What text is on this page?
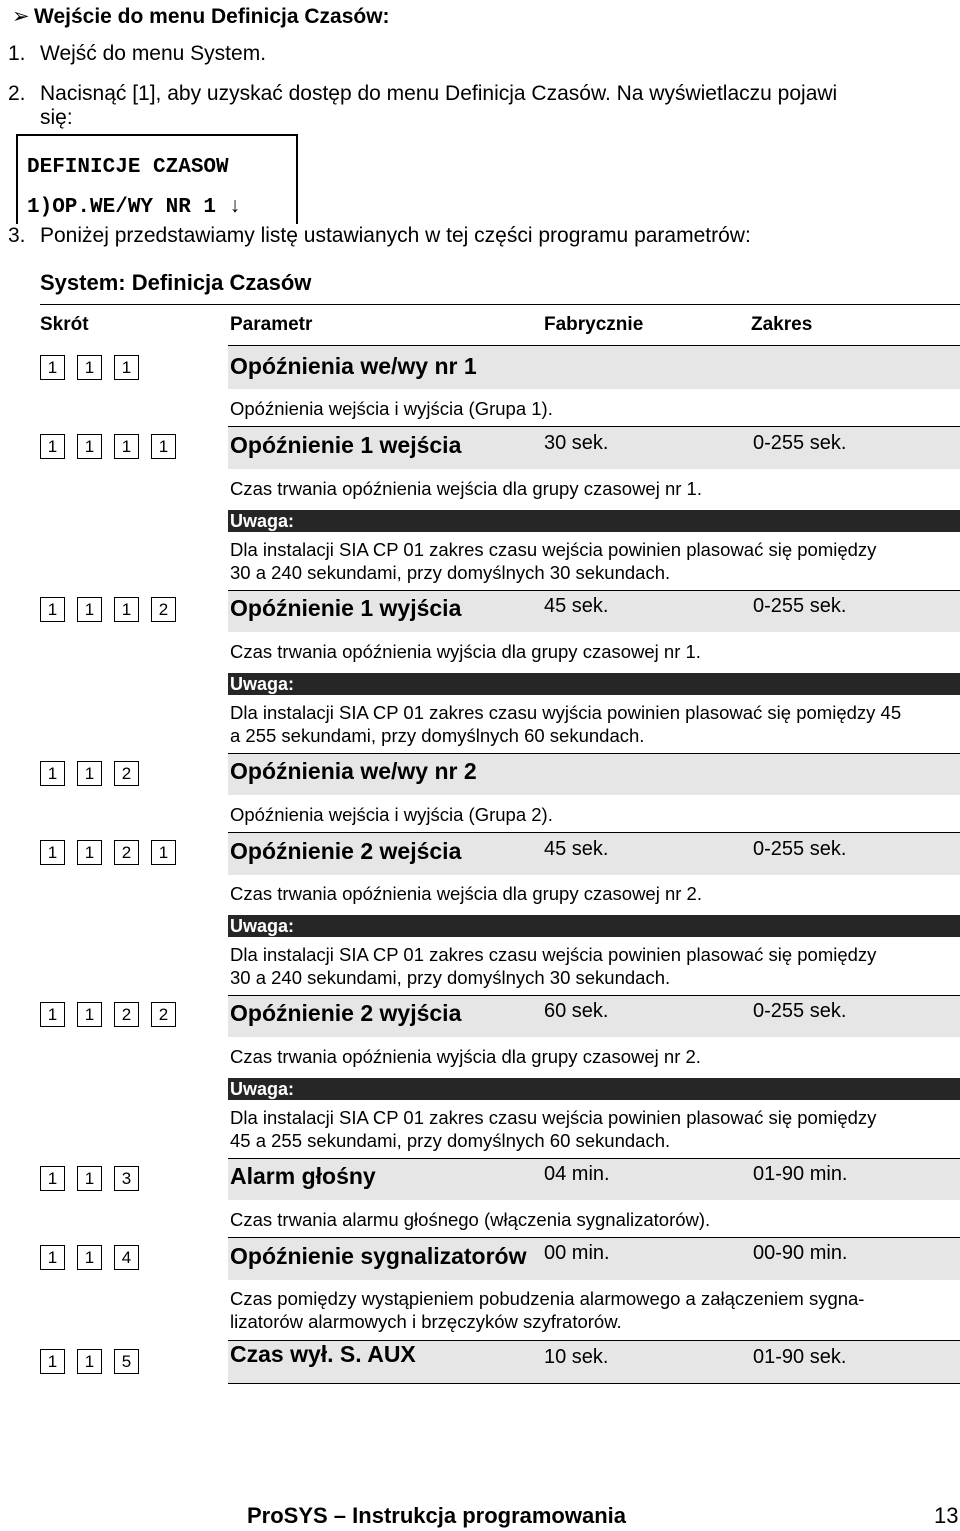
➢ Wejście do menu Definicja Czasów:
1. Wejść do menu System.
2. Nacisnąć [1], aby uzyskać dostęp do menu Definicja Czasów. Na wyświetlaczu pojawi
się:
DEFINICJE CZASOW
1)OP.WE/WY NR 1 ↓
3. Poniżej przedstawiamy listę ustawianych w tej części programu parametrów:
System: Definicja Czasów
Skrót	Parametr	Fabrycznie	Zakres
1	1	1	Opóźnienia we/wy nr 1
Opóźnienia wejścia i wyjścia (Grupa 1).
1	1	1	1	Opóźnienie 1 wejścia	30 sek.	0-255 sek.
Czas trwania opóźnienia wejścia dla grupy czasowej nr 1.
Uwaga:
Dla instalacji SIA CP 01 zakres czasu wejścia powinien plasować się pomiędzy
30 a 240 sekundami, przy domyślnych 30 sekundach.
1	1	1	2	Opóźnienie 1 wyjścia	45 sek.	0-255 sek.
Czas trwania opóźnienia wyjścia dla grupy czasowej nr 1.
Uwaga:
Dla instalacji SIA CP 01 zakres czasu wyjścia powinien plasować się pomiędzy 45
a 255 sekundami, przy domyślnych 60 sekundach.
1	1	2	Opóźnienia we/wy nr 2
Opóźnienia wejścia i wyjścia (Grupa 2).
1	1	2	1	Opóźnienie 2 wejścia	45 sek.	0-255 sek.
Czas trwania opóźnienia wejścia dla grupy czasowej nr 2.
Uwaga:
Dla instalacji SIA CP 01 zakres czasu wejścia powinien plasować się pomiędzy
30 a 240 sekundami, przy domyślnych 30 sekundach.
1	1	2	2	Opóźnienie 2 wyjścia	60 sek.	0-255 sek.
Czas trwania opóźnienia wyjścia dla grupy czasowej nr 2.
Uwaga:
Dla instalacji SIA CP 01 zakres czasu wejścia powinien plasować się pomiędzy
45 a 255 sekundami, przy domyślnych 60 sekundach.
1	1	3	Alarm głośny	04 min.	01-90 min.
Czas trwania alarmu głośnego (włączenia sygnalizatorów).
1	1	4	Opóźnienie sygnalizatorów 00 min.	00-90 min.
Czas pomiędzy wystąpieniem pobudzenia alarmowego a załączeniem sygna-
lizatorów alarmowych i brzęczyków szyfratorów.
1	1	5	Czas wył. S. AUX	10 sek.	01-90 sek.
ProSYS – Instrukcja programowania	13
